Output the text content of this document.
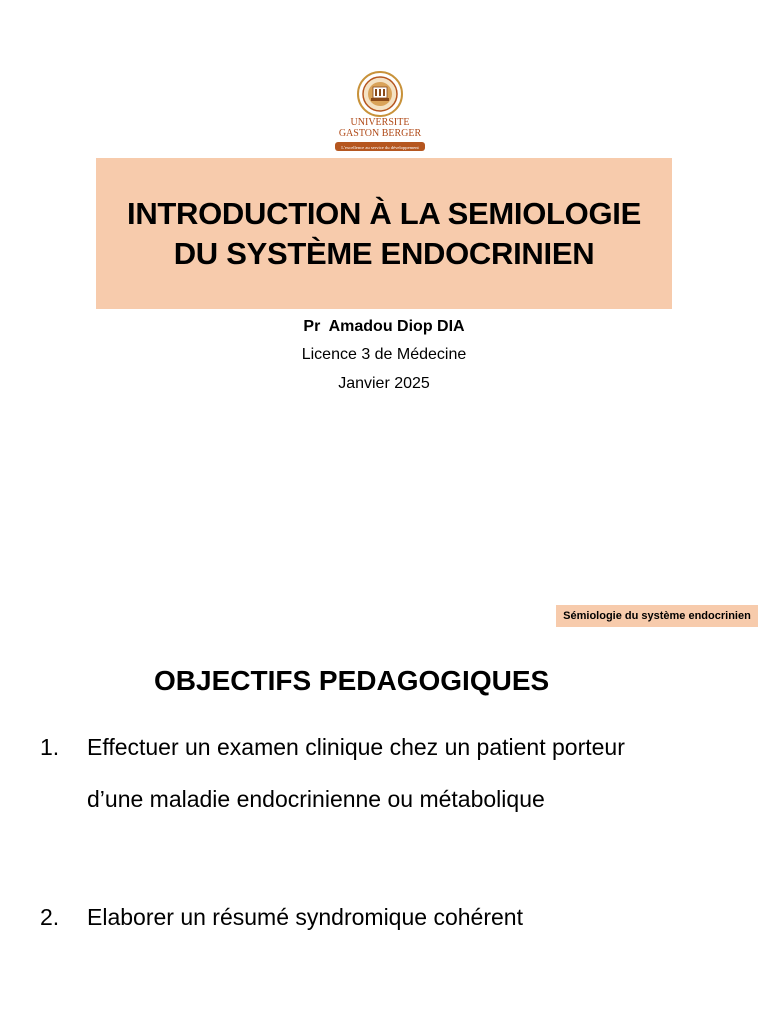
UNIVERSITE
GASTON BERGER
L'excellence au service du développement
INTRODUCTION À LA SEMIOLOGIE
DU SYSTÈME ENDOCRINIEN
Pr  Amadou Diop DIA
Licence 3 de Médecine
Janvier 2025
Sémiologie du système endocrinien
OBJECTIFS PEDAGOGIQUES
1. Effectuer un examen clinique chez un patient porteur
d’une maladie endocrinienne ou métabolique
2. Elaborer un résumé syndromique cohérent
